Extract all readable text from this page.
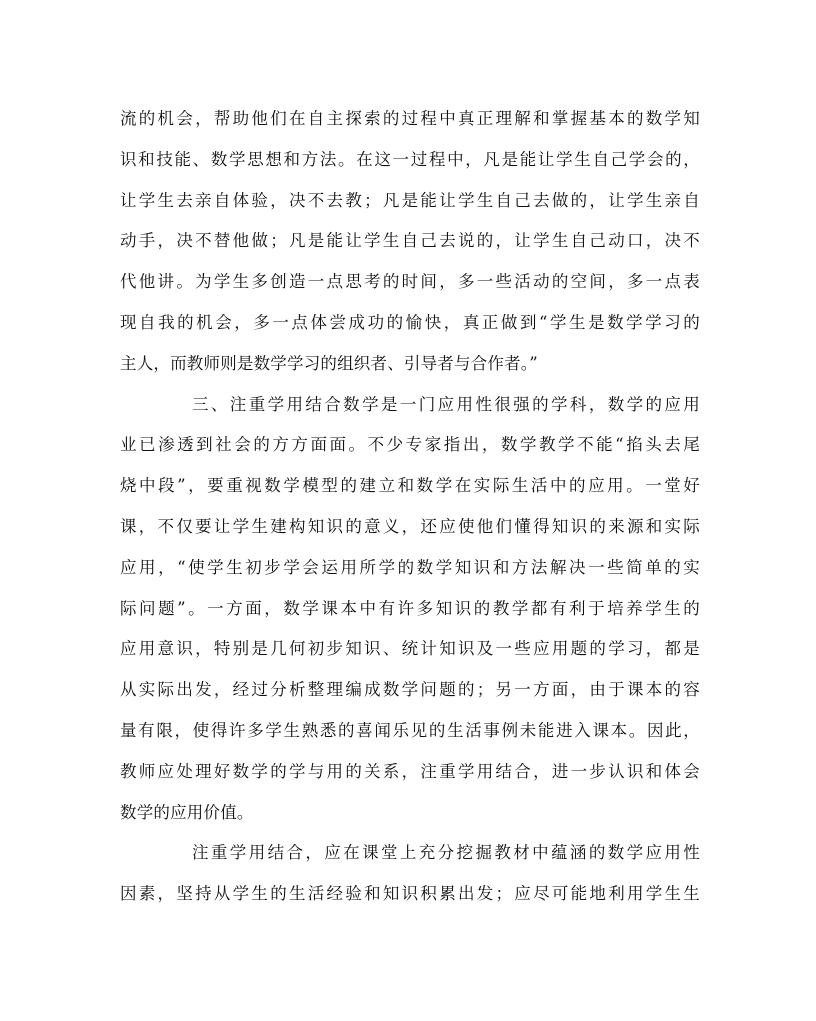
流的机会，帮助他们在自主探索的过程中真正理解和掌握基本的数学知
识和技能、数学思想和方法。在这一过程中，凡是能让学生自己学会的，
让学生去亲自体验，决不去教；凡是能让学生自己去做的，让学生亲自
动手，决不替他做；凡是能让学生自己去说的，让学生自己动口，决不
代他讲。为学生多创造一点思考的时间，多一些活动的空间，多一点表
现自我的机会，多一点体尝成功的愉快，真正做到“学生是数学学习的
主人，而教师则是数学学习的组织者、引导者与合作者。”

三、注重学用结合数学是一门应用性很强的学科，数学的应用
业已渗透到社会的方方面面。不少专家指出，数学教学不能“掐头去尾
烧中段”，要重视数学模型的建立和数学在实际生活中的应用。一堂好
课，不仅要让学生建构知识的意义，还应使他们懂得知识的来源和实际
应用，“使学生初步学会运用所学的数学知识和方法解决一些简单的实
际问题”。一方面，数学课本中有许多知识的教学都有利于培养学生的
应用意识，特别是几何初步知识、统计知识及一些应用题的学习，都是
从实际出发，经过分析整理编成数学问题的；另一方面，由于课本的容
量有限，使得许多学生熟悉的喜闻乐见的生活事例未能进入课本。因此，
教师应处理好数学的学与用的关系，注重学用结合，进一步认识和体会
数学的应用价值。

注重学用结合，应在课堂上充分挖掘教材中蕴涵的数学应用性
因素，坚持从学生的生活经验和知识积累出发；应尽可能地利用学生生
